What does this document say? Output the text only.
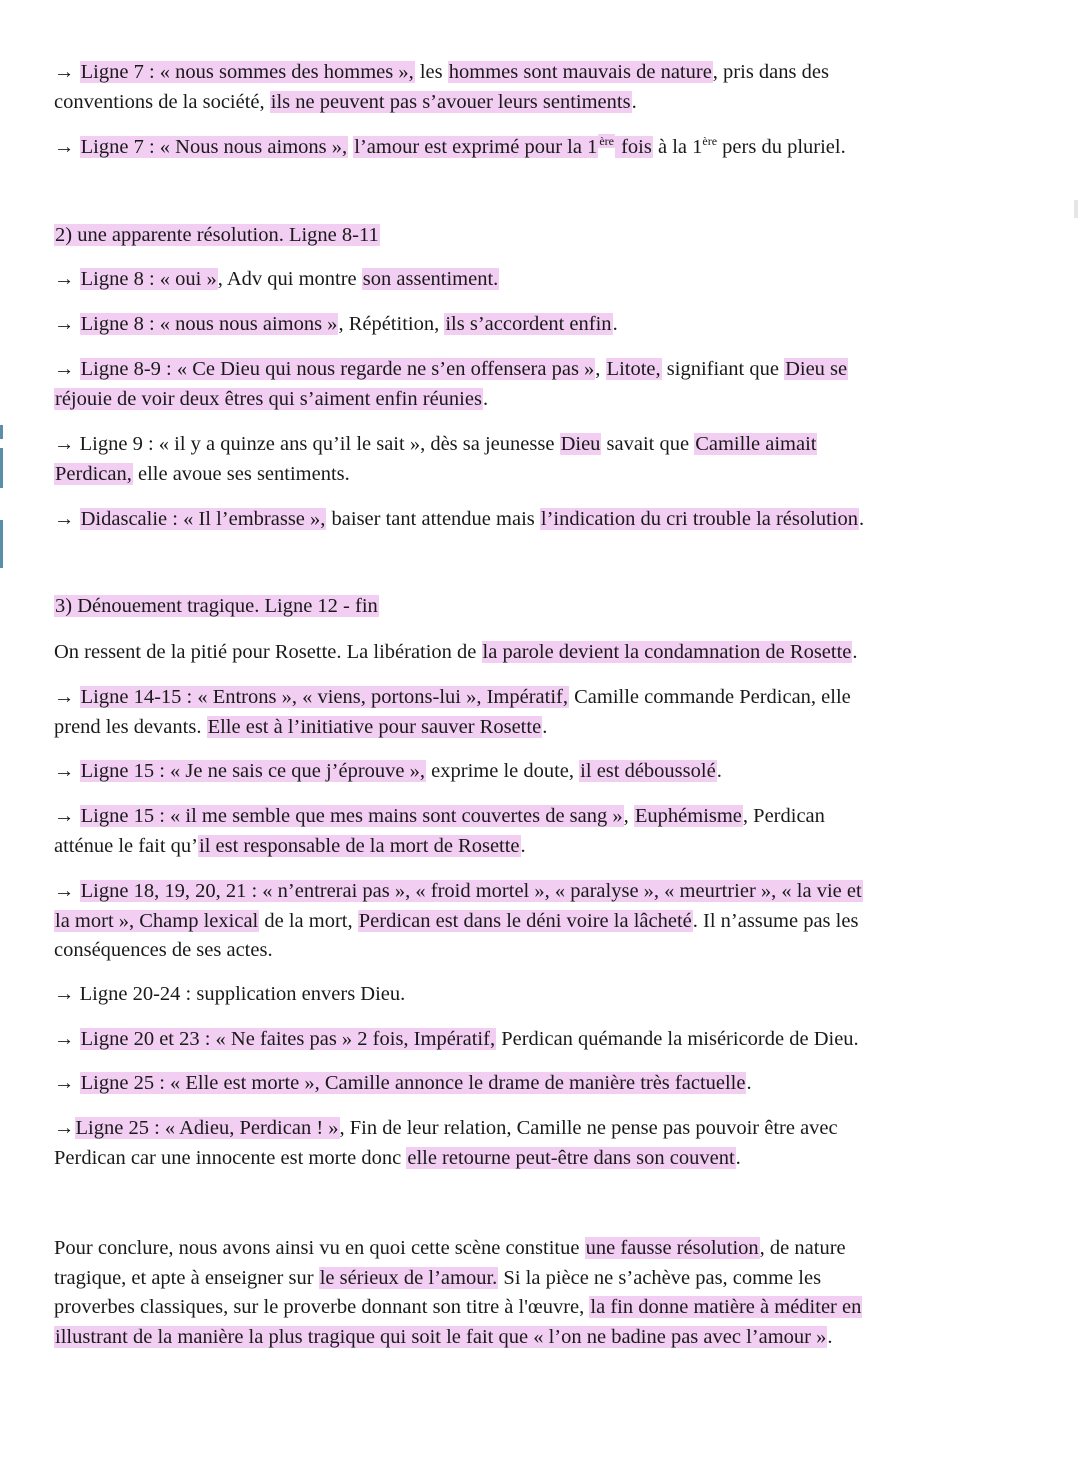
→ Ligne 7 : « nous sommes des hommes », les hommes sont mauvais de nature, pris dans des
conventions de la société, ils ne peuvent pas s’avouer leurs sentiments.
→ Ligne 7 : « Nous nous aimons », l’amour est exprimé pour la 1 $^{ère}$ fois à la 1ère pers du pluriel.
2) une apparente résolution. Ligne 8-11
→ Ligne 8 : « oui », Adv qui montre son assentiment.
→ Ligne 8 : « nous nous aimons », Répétition, ils s’accordent enfin.
→ Ligne 8-9 : « Ce Dieu qui nous regarde ne s’en offensera pas », Litote, signifiant que Dieu se
réjouie de voir deux êtres qui s’aiment enfin réunies.
→ Ligne 9 : « il y a quinze ans qu’il le sait », dès sa jeunesse Dieu savait que Camille aimait
Perdican, elle avoue ses sentiments.
→ Didascalie : « Il l’embrasse », baiser tant attendue mais l’indication du cri trouble la résolution.
3) Dénouement tragique. Ligne 12 - fin
On ressent de la pitié pour Rosette. La libération de la parole devient la condamnation de Rosette.
→ Ligne 14-15 : « Entrons », « viens, portons-lui », Impératif, Camille commande Perdican, elle
prend les devants. Elle est à l’initiative pour sauver Rosette.
→ Ligne 15 : « Je ne sais ce que j’éprouve », exprime le doute, il est déboussolé.
→ Ligne 15 : « il me semble que mes mains sont couvertes de sang », Euphémisme, Perdican
atténue le fait qu’il est responsable de la mort de Rosette.
→ Ligne 18, 19, 20, 21 : « n’entrerai pas », « froid mortel », « paralyse », « meurtrier », « la vie et
la mort », Champ lexical de la mort, Perdican est dans le déni voire la lâcheté. Il n’assume pas les
conséquences de ses actes.
→ Ligne 20-24 : supplication envers Dieu.
→ Ligne 20 et 23 : « Ne faites pas » 2 fois, Impératif, Perdican quémande la miséricorde de Dieu.
→ Ligne 25 : « Elle est morte », Camille annonce le drame de manière très factuelle.
→Ligne 25 : « Adieu, Perdican ! », Fin de leur relation, Camille ne pense pas pouvoir être avec
Perdican car une innocente est morte donc elle retourne peut-être dans son couvent.
Pour conclure, nous avons ainsi vu en quoi cette scène constitue une fausse résolution, de nature
tragique, et apte à enseigner sur le sérieux de l’amour. Si la pièce ne s’achève pas, comme les
proverbes classiques, sur le proverbe donnant son titre à l'œuvre, la fin donne matière à méditer en
illustrant de la manière la plus tragique qui soit le fait que « l’on ne badine pas avec l’amour ».
